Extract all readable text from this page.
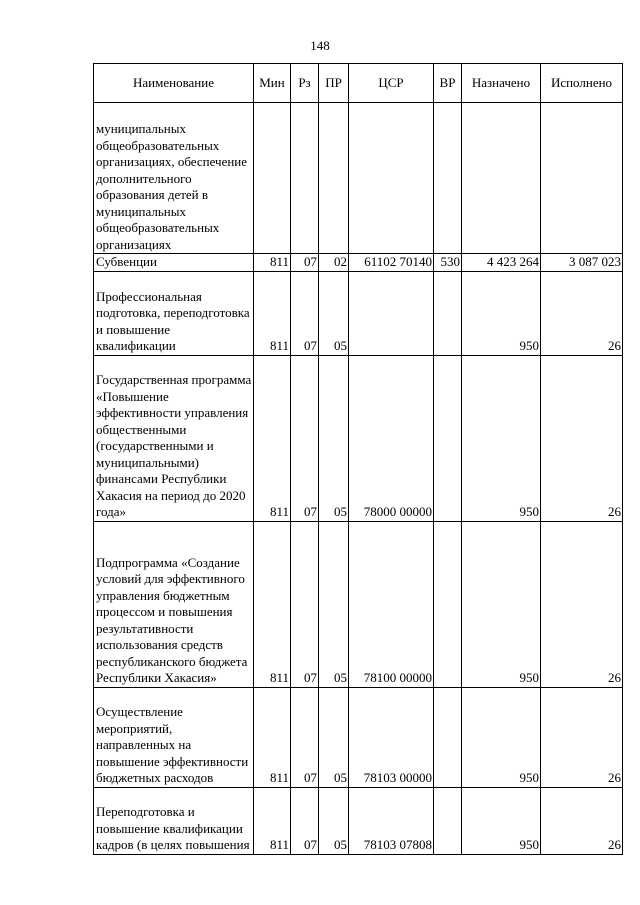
148
Наименование	Мин	Рз	ПР	ЦСР	ВР	Назначено	Исполнено
муниципальных общеобразовательных организациях, обеспечение дополнительного образования детей в муниципальных общеобразовательных организациях							
Субвенции	811	07	02	61102 70140	530	4 423 264	3 087 023
Профессиональная подготовка, переподготовка и повышение квалификации	811	07	05			950	26
Государственная программа «Повышение эффективности управления общественными (государственными и муниципальными) финансами Республики Хакасия на период до 2020 года»	811	07	05	78000 00000		950	26
Подпрограмма «Создание условий для эффективного управления бюджетным процессом и повышения результативности использования средств республиканского бюджета Республики Хакасия»	811	07	05	78100 00000		950	26
Осуществление мероприятий, направленных на повышение эффективности бюджетных расходов	811	07	05	78103 00000		950	26
Переподготовка и повышение квалификации кадров (в целях повышения	811	07	05	78103 07808		950	26
